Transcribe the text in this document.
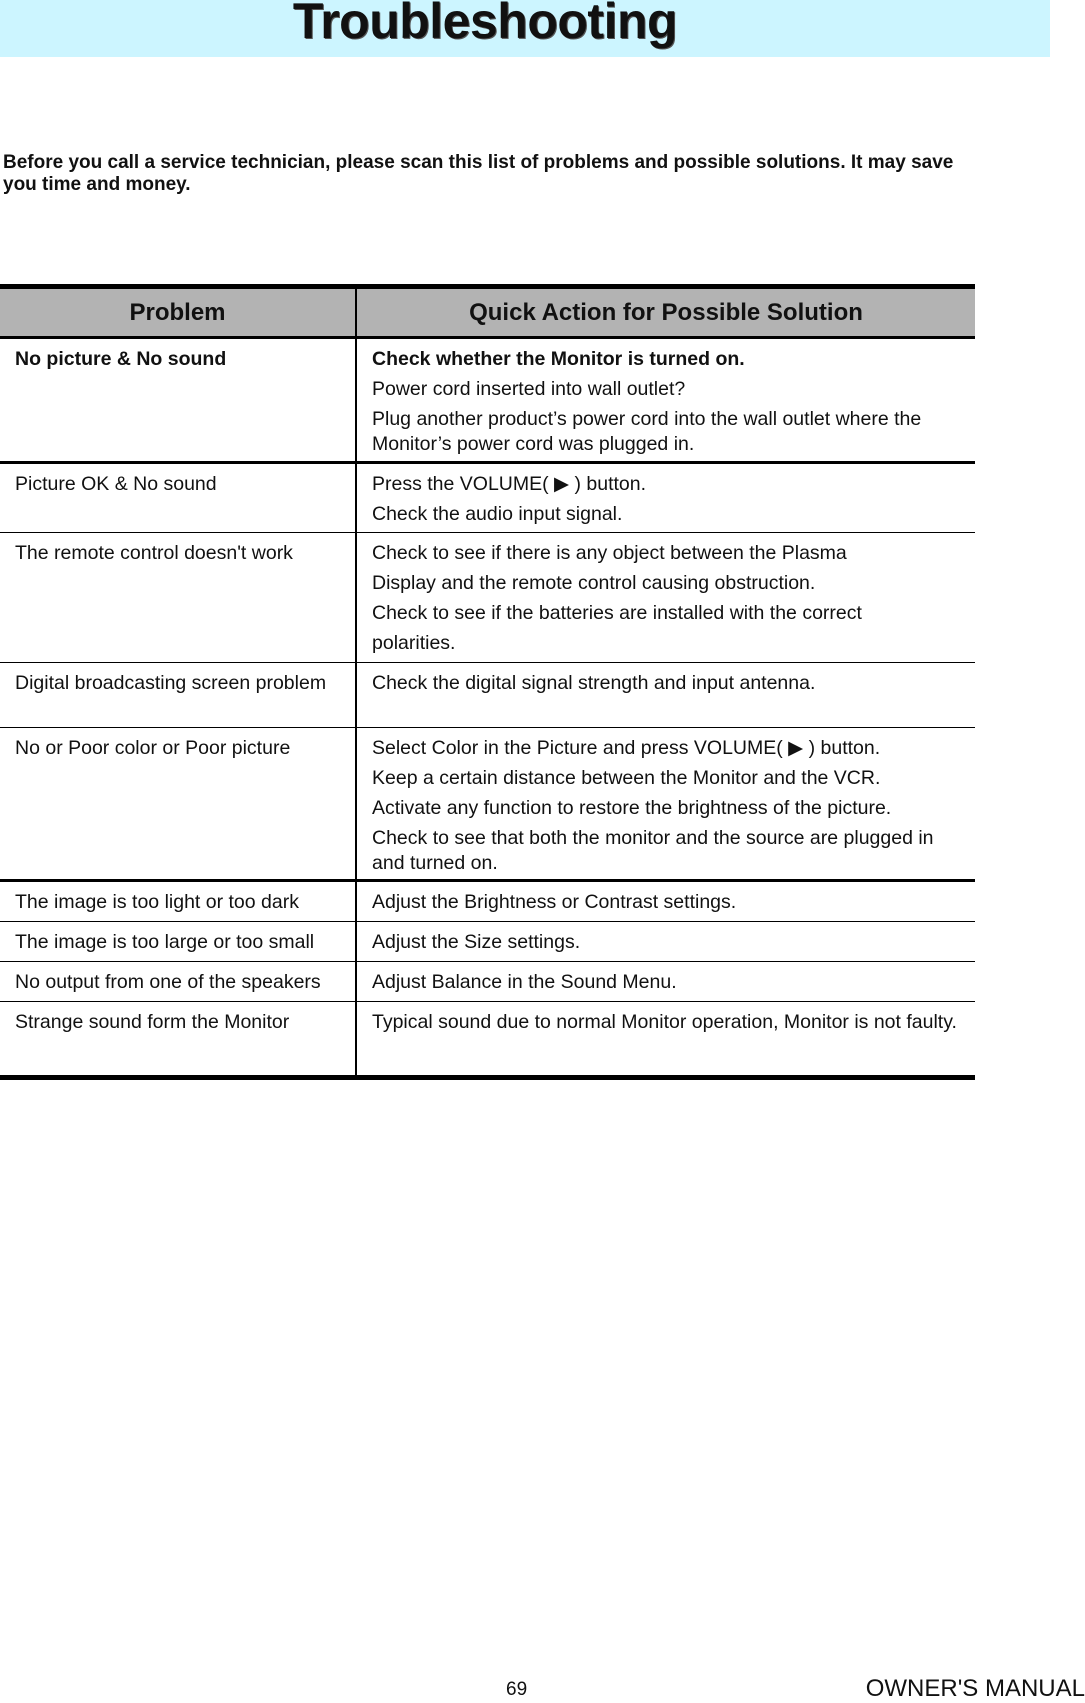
Troubleshooting
Before you call a service technician, please scan this list of problems and possible solutions. It may save you time and money.
Problem	Quick Action for Possible Solution
No picture & No sound	Check whether the Monitor is turned on.
Power cord inserted into wall outlet?
Plug another product’s power cord into the wall outlet where the Monitor’s power cord was plugged in.
Picture OK & No sound	Press the VOLUME( ▶ ) button.
Check the audio input signal.
The remote control doesn't work	Check to see if there is any object between the Plasma
Display and the remote control causing obstruction.
Check to see if the batteries are installed with the correct
polarities.
Digital broadcasting screen problem	Check the digital signal strength and input antenna.
No or Poor color or Poor picture	Select Color in the Picture and press VOLUME( ▶ ) button.
Keep a certain distance between the Monitor and the VCR.
Activate any function to restore the brightness of the picture.
Check to see that both the monitor and the source are plugged in and turned on.
The image is too light or too dark	Adjust the Brightness or Contrast settings.
The image is too large or too small	Adjust the Size settings.
No output from one of the speakers	Adjust Balance in the Sound Menu.
Strange sound form the Monitor	Typical sound due to normal Monitor operation, Monitor is not faulty.
69	OWNER'S MANUAL
